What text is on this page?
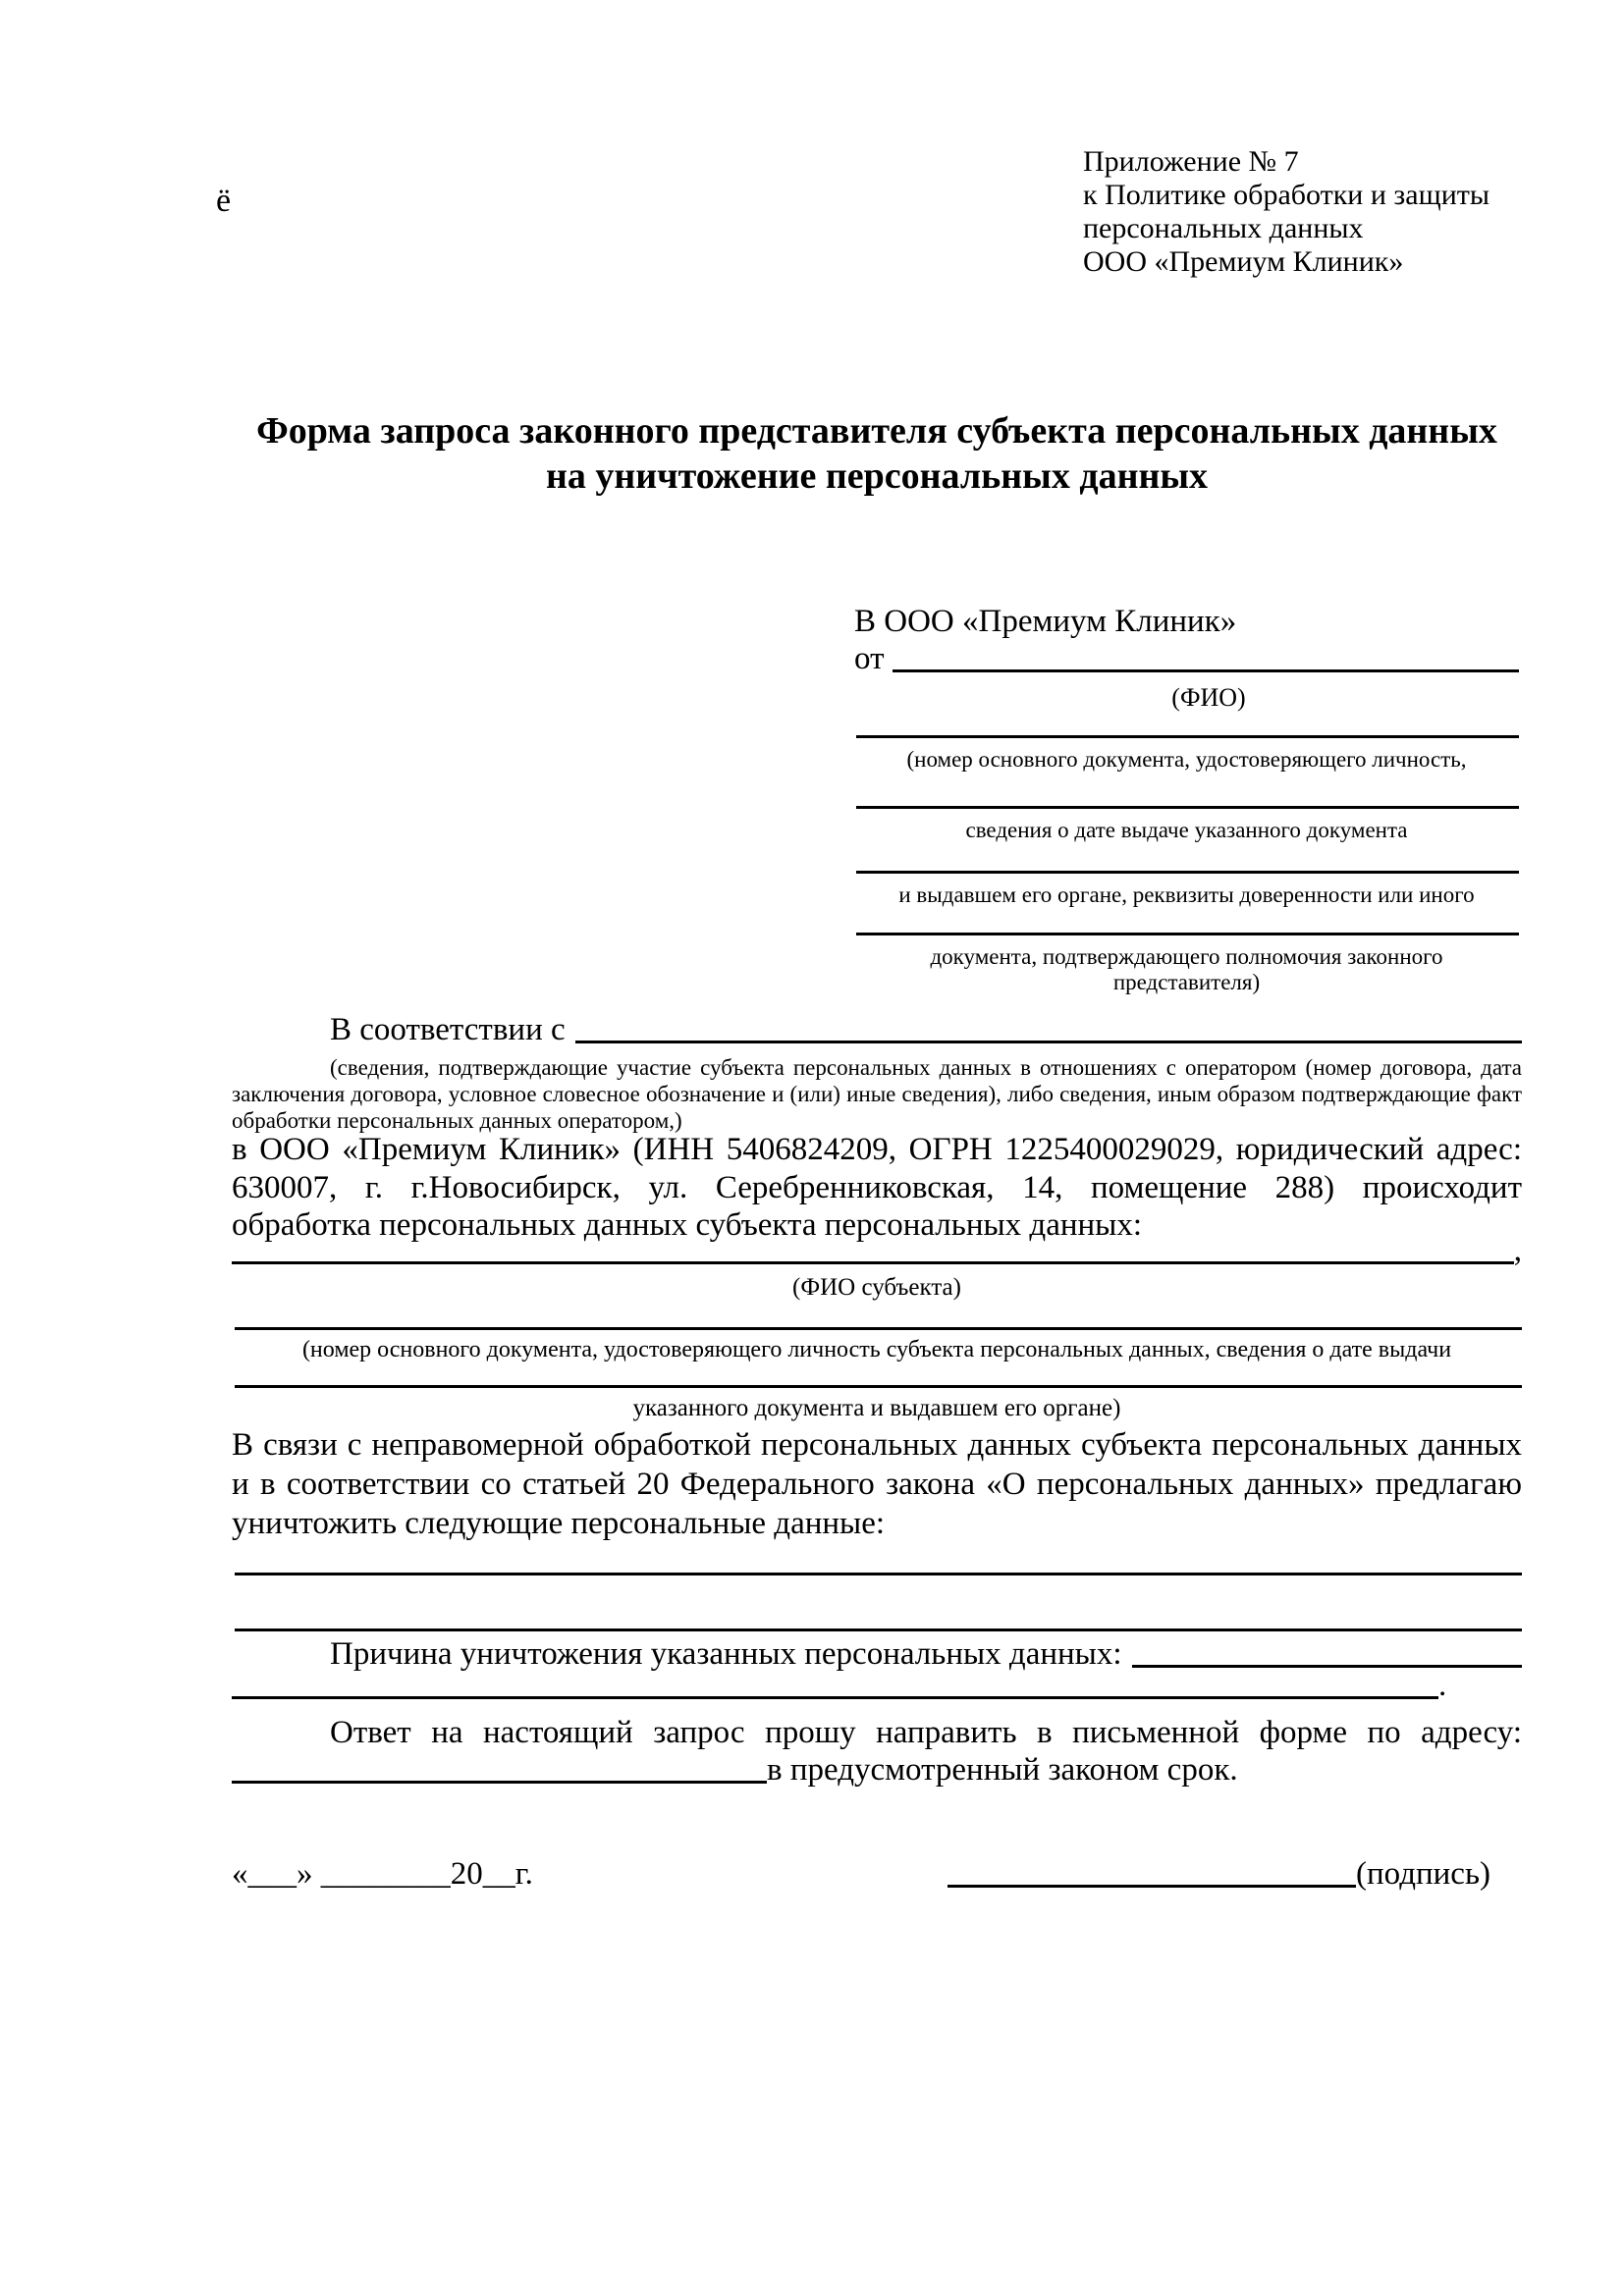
ё
Приложение № 7
к Политике обработки и защиты
персональных данных
ООО «Премиум Клиник»
Форма запроса законного представителя субъекта персональных данных
на уничтожение персональных данных
В ООО «Премиум Клиник»
от
(ФИО)
(номер основного документа, удостоверяющего личность,
сведения о дате выдаче указанного документа
и выдавшем его органе, реквизиты доверенности или иного
документа, подтверждающего полномочия законного представителя)
В соответствии с
(сведения, подтверждающие участие субъекта персональных данных в отношениях с оператором (номер договора, дата
заключения договора, условное словесное обозначение и (или) иные сведения), либо сведения, иным образом подтверждающие факт
обработки персональных данных оператором,)
в ООО «Премиум Клиник» (ИНН 5406824209, ОГРН 1225400029029, юридический адрес:
630007, г. г.Новосибирск, ул. Серебренниковская, 14, помещение 288) происходит
обработка персональных данных субъекта персональных данных:
,
(ФИО субъекта)
(номер основного документа, удостоверяющего личность субъекта персональных данных, сведения о дате выдачи
указанного документа и выдавшем его органе)
В связи с неправомерной обработкой персональных данных субъекта персональных данных
и в соответствии со статьей 20 Федерального закона «О персональных данных» предлагаю
уничтожить следующие персональные данные:
Причина уничтожения указанных персональных данных:
.
Ответ на настоящий запрос прошу направить в письменной форме по адресу:
в предусмотренный законом срок.
«___» ________20__г.	(подпись)
